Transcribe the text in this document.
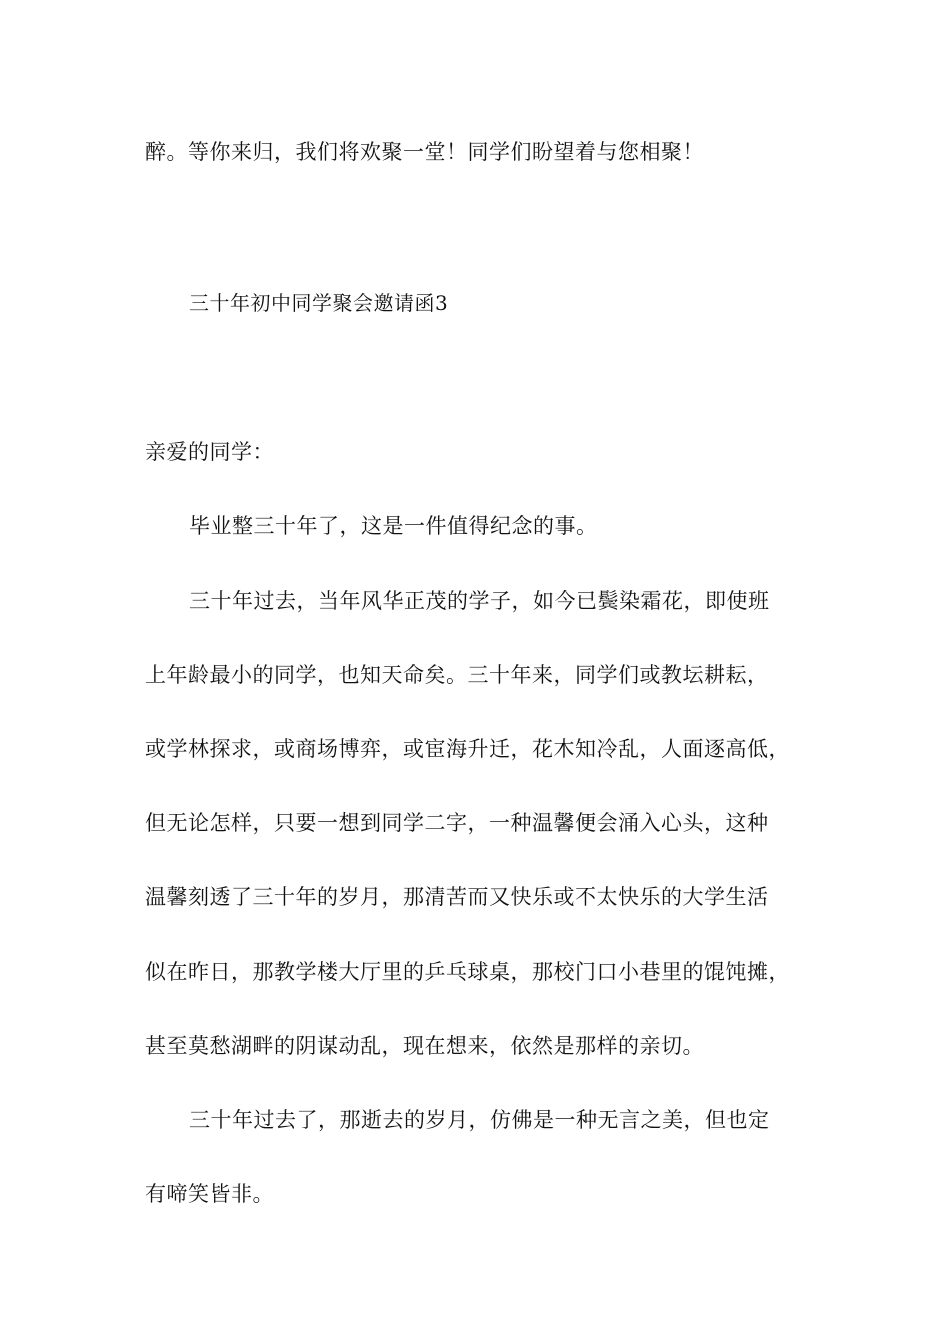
醉。等你来归，我们将欢聚一堂！同学们盼望着与您相聚！
三十年初中同学聚会邀请函3
亲爱的同学：
毕业整三十年了，这是一件值得纪念的事。
三十年过去，当年风华正茂的学子，如今已鬓染霜花，即使班
上年龄最小的同学，也知天命矣。三十年来，同学们或教坛耕耘，
或学林探求，或商场博弈，或宦海升迁，花木知冷乱，人面逐高低，
但无论怎样，只要一想到同学二字，一种温馨便会涌入心头，这种
温馨刻透了三十年的岁月，那清苦而又快乐或不太快乐的大学生活
似在昨日，那教学楼大厅里的乒乓球桌，那校门口小巷里的馄饨摊，
甚至莫愁湖畔的阴谋动乱，现在想来，依然是那样的亲切。
三十年过去了，那逝去的岁月，仿佛是一种无言之美，但也定
有啼笑皆非。
